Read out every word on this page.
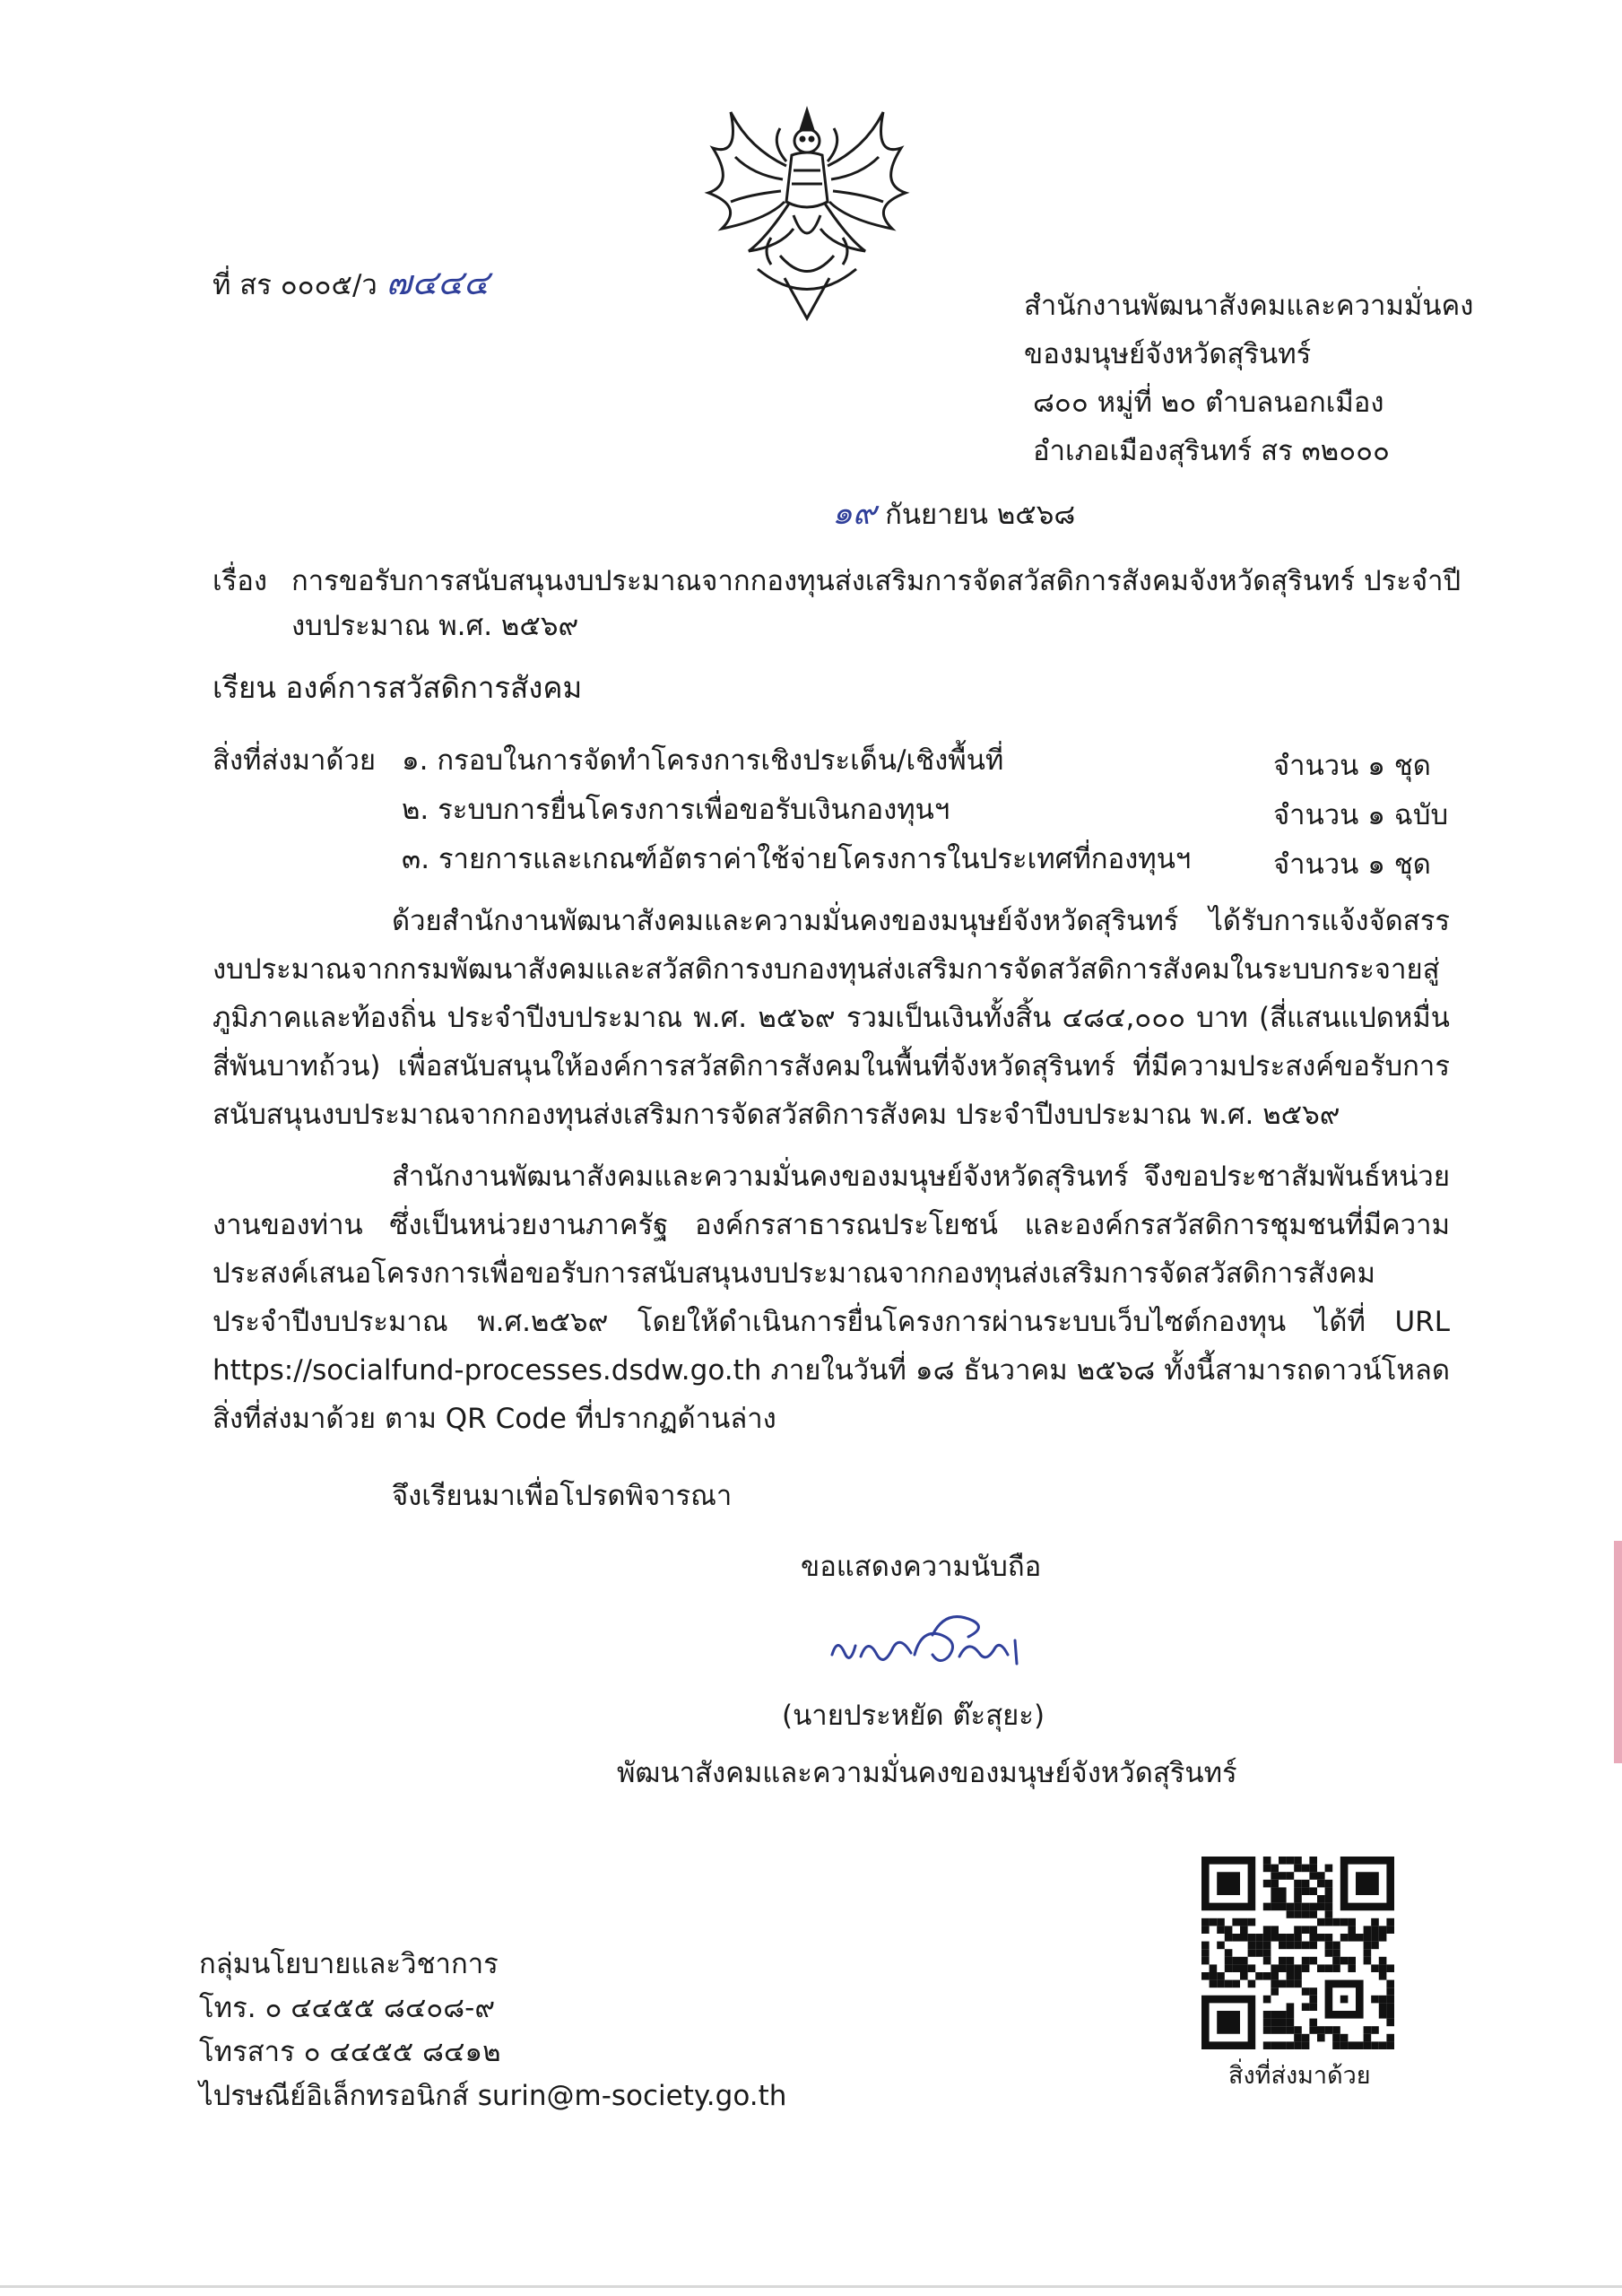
ที่ สร ๐๐๐๕/ว ๗๔๔๔
สำนักงานพัฒนาสังคมและความมั่นคง
ของมนุษย์จังหวัดสุรินทร์
๘๐๐ หมู่ที่ ๒๐ ตำบลนอกเมือง
อำเภอเมืองสุรินทร์ สร ๓๒๐๐๐
๑๙ กันยายน ๒๕๖๘
เรื่อง การขอรับการสนับสนุนงบประมาณจากกองทุนส่งเสริมการจัดสวัสดิการสังคมจังหวัดสุรินทร์ ประจำปี
งบประมาณ พ.ศ. ๒๕๖๙
เรียน องค์การสวัสดิการสังคม
สิ่งที่ส่งมาด้วย ๑. กรอบในการจัดทำโครงการเชิงประเด็น/เชิงพื้นที่	จำนวน ๑ ชุด
๒. ระบบการยื่นโครงการเพื่อขอรับเงินกองทุนฯ	จำนวน ๑ ฉบับ
๓. รายการและเกณฑ์อัตราค่าใช้จ่ายโครงการในประเทศที่กองทุนฯ	จำนวน ๑ ชุด
ด้วยสำนักงานพัฒนาสังคมและความมั่นคงของมนุษย์จังหวัดสุรินทร์ ได้รับการแจ้งจัดสรรงบประมาณจากกรมพัฒนาสังคมและสวัสดิการงบกองทุนส่งเสริมการจัดสวัสดิการสังคมในระบบกระจายสู่ภูมิภาคและท้องถิ่น ประจำปีงบประมาณ พ.ศ. ๒๕๖๙ รวมเป็นเงินทั้งสิ้น ๔๘๔,๐๐๐ บาท (สี่แสนแปดหมื่นสี่พันบาทถ้วน) เพื่อสนับสนุนให้องค์การสวัสดิการสังคมในพื้นที่จังหวัดสุรินทร์ ที่มีความประสงค์ขอรับการสนับสนุนงบประมาณจากกองทุนส่งเสริมการจัดสวัสดิการสังคม ประจำปีงบประมาณ พ.ศ. ๒๕๖๙
สำนักงานพัฒนาสังคมและความมั่นคงของมนุษย์จังหวัดสุรินทร์ จึงขอประชาสัมพันธ์หน่วยงานของท่าน ซึ่งเป็นหน่วยงานภาครัฐ องค์กรสาธารณประโยชน์ และองค์กรสวัสดิการชุมชนที่มีความประสงค์เสนอโครงการเพื่อขอรับการสนับสนุนงบประมาณจากกองทุนส่งเสริมการจัดสวัสดิการสังคมประจำปีงบประมาณ พ.ศ.๒๕๖๙ โดยให้ดำเนินการยื่นโครงการผ่านระบบเว็บไซต์กองทุน ได้ที่ URL https://socialfund-processes.dsdw.go.th ภายในวันที่ ๑๘ ธันวาคม ๒๕๖๘ ทั้งนี้สามารถดาวน์โหลดสิ่งที่ส่งมาด้วย ตาม QR Code ที่ปรากฏด้านล่าง
จึงเรียนมาเพื่อโปรดพิจารณา
ขอแสดงความนับถือ
(นายประหยัด ต๊ะสุยะ)
พัฒนาสังคมและความมั่นคงของมนุษย์จังหวัดสุรินทร์
กลุ่มนโยบายและวิชาการ
โทร. ๐ ๔๔๕๕ ๘๔๐๘-๙
โทรสาร ๐ ๔๔๕๕ ๘๔๑๒
ไปรษณีย์อิเล็กทรอนิกส์ surin@m-society.go.th
สิ่งที่ส่งมาด้วย
